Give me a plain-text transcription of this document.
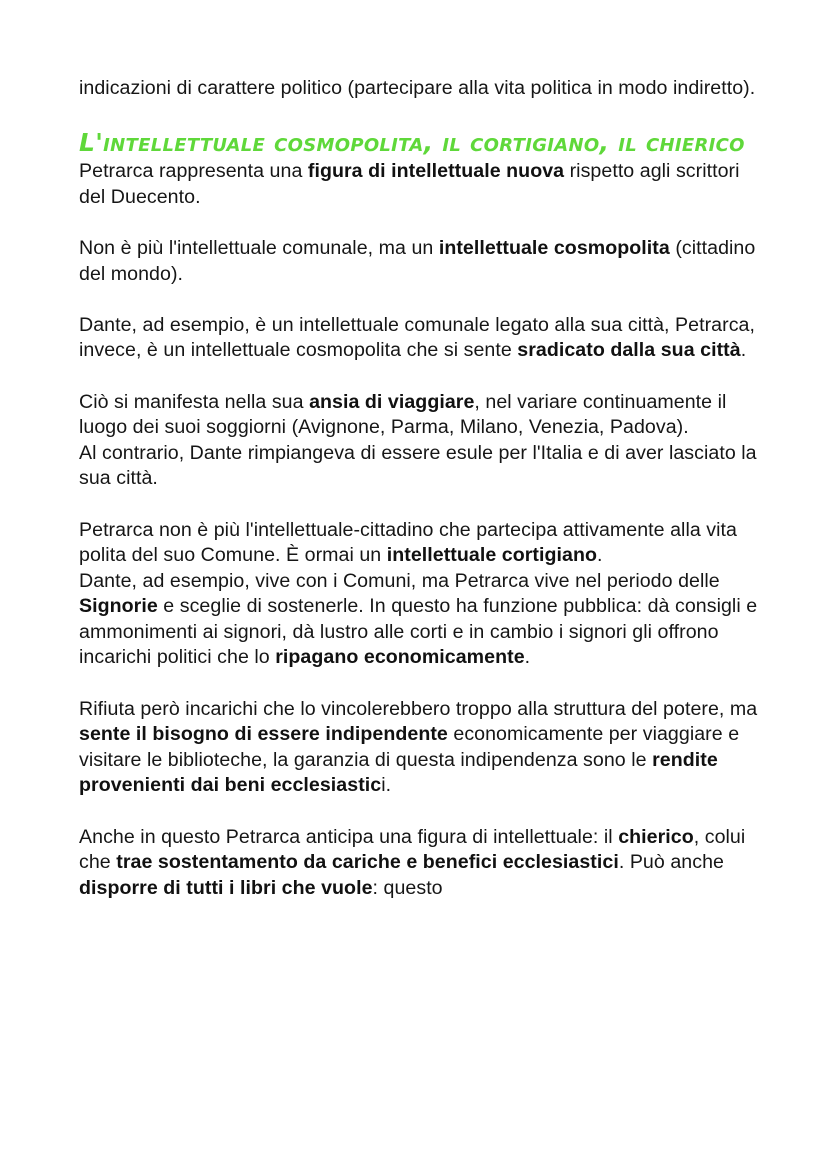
indicazioni di carattere politico (partecipare alla vita politica in modo indiretto).

L'intellettuale cosmopolita, il cortigiano, il chierico

Petrarca rappresenta una figura di intellettuale nuova rispetto agli scrittori del Duecento.

Non è più l'intellettuale comunale, ma un intellettuale cosmopolita (cittadino del mondo).

Dante, ad esempio, è un intellettuale comunale legato alla sua città, Petrarca, invece, è un intellettuale cosmopolita che si sente sradicato dalla sua città.

Ciò si manifesta nella sua ansia di viaggiare, nel variare continuamente il luogo dei suoi soggiorni (Avignone, Parma, Milano, Venezia, Padova).

Al contrario, Dante rimpiangeva di essere esule per l'Italia e di aver lasciato la sua città.

Petrarca non è più l'intellettuale-cittadino che partecipa attivamente alla vita polita del suo Comune. È ormai un intellettuale cortigiano.

Dante, ad esempio, vive con i Comuni, ma Petrarca vive nel periodo delle Signorie e sceglie di sostenerle. In questo ha funzione pubblica: dà consigli e ammonimenti ai signori, dà lustro alle corti e in cambio i signori gli offrono incarichi politici che lo ripagano economicamente.

Rifiuta però incarichi che lo vincolerebbero troppo alla struttura del potere, ma sente il bisogno di essere indipendente economicamente per viaggiare e visitare le biblioteche, la garanzia di questa indipendenza sono le rendite provenienti dai beni ecclesiastici.

Anche in questo Petrarca anticipa una figura di intellettuale: il chierico, colui che trae sostentamento da cariche e benefici ecclesiastici. Può anche disporre di tutti i libri che vuole: questo
